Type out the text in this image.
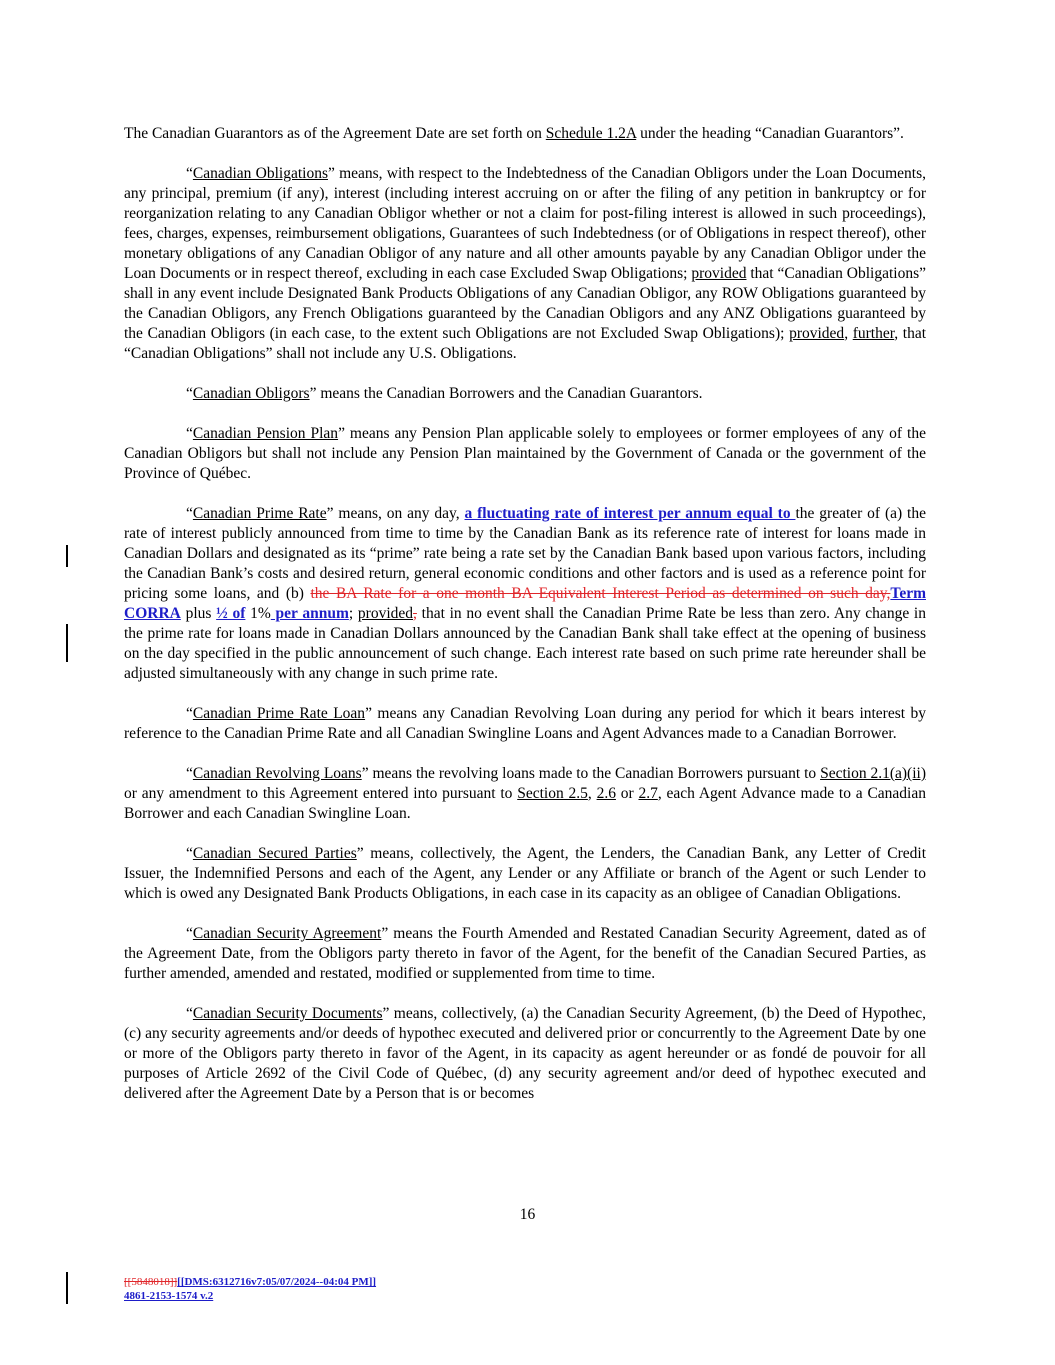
The Canadian Guarantors as of the Agreement Date are set forth on Schedule 1.2A under the heading “Canadian Guarantors”.

“Canadian Obligations” means, with respect to the Indebtedness of the Canadian Obligors under the Loan Documents, any principal, premium (if any), interest (including interest accruing on or after the filing of any petition in bankruptcy or for reorganization relating to any Canadian Obligor whether or not a claim for post-filing interest is allowed in such proceedings), fees, charges, expenses, reimbursement obligations, Guarantees of such Indebtedness (or of Obligations in respect thereof), other monetary obligations of any Canadian Obligor of any nature and all other amounts payable by any Canadian Obligor under the Loan Documents or in respect thereof, excluding in each case Excluded Swap Obligations; provided that “Canadian Obligations” shall in any event include Designated Bank Products Obligations of any Canadian Obligor, any ROW Obligations guaranteed by the Canadian Obligors, any French Obligations guaranteed by the Canadian Obligors and any ANZ Obligations guaranteed by the Canadian Obligors (in each case, to the extent such Obligations are not Excluded Swap Obligations); provided, further, that “Canadian Obligations” shall not include any U.S. Obligations.

“Canadian Obligors” means the Canadian Borrowers and the Canadian Guarantors.

“Canadian Pension Plan” means any Pension Plan applicable solely to employees or former employees of any of the Canadian Obligors but shall not include any Pension Plan maintained by the Government of Canada or the government of the Province of Québec.

“Canadian Prime Rate” means, on any day, a fluctuating rate of interest per annum equal to the greater of (a) the rate of interest publicly announced from time to time by the Canadian Bank as its reference rate of interest for loans made in Canadian Dollars and designated as its “prime” rate being a rate set by the Canadian Bank based upon various factors, including the Canadian Bank’s costs and desired return, general economic conditions and other factors and is used as a reference point for pricing some loans, and (b) the BA Rate for a one month BA Equivalent Interest Period as determined on such day,Term CORRA plus ½ of 1% per annum; provided, that in no event shall the Canadian Prime Rate be less than zero. Any change in the prime rate for loans made in Canadian Dollars announced by the Canadian Bank shall take effect at the opening of business on the day specified in the public announcement of such change. Each interest rate based on such prime rate hereunder shall be adjusted simultaneously with any change in such prime rate.

“Canadian Prime Rate Loan” means any Canadian Revolving Loan during any period for which it bears interest by reference to the Canadian Prime Rate and all Canadian Swingline Loans and Agent Advances made to a Canadian Borrower.

“Canadian Revolving Loans” means the revolving loans made to the Canadian Borrowers pursuant to Section 2.1(a)(ii) or any amendment to this Agreement entered into pursuant to Section 2.5, 2.6 or 2.7, each Agent Advance made to a Canadian Borrower and each Canadian Swingline Loan.

“Canadian Secured Parties” means, collectively, the Agent, the Lenders, the Canadian Bank, any Letter of Credit Issuer, the Indemnified Persons and each of the Agent, any Lender or any Affiliate or branch of the Agent or such Lender to which is owed any Designated Bank Products Obligations, in each case in its capacity as an obligee of Canadian Obligations.

“Canadian Security Agreement” means the Fourth Amended and Restated Canadian Security Agreement, dated as of the Agreement Date, from the Obligors party thereto in favor of the Agent, for the benefit of the Canadian Secured Parties, as further amended, amended and restated, modified or supplemented from time to time.

“Canadian Security Documents” means, collectively, (a) the Canadian Security Agreement, (b) the Deed of Hypothec, (c) any security agreements and/or deeds of hypothec executed and delivered prior or concurrently to the Agreement Date by one or more of the Obligors party thereto in favor of the Agent, in its capacity as agent hereunder or as fondé de pouvoir for all purposes of Article 2692 of the Civil Code of Québec, (d) any security agreement and/or deed of hypothec executed and delivered after the Agreement Date by a Person that is or becomes

16
[[5848018]][[DMS:6312716v7:05/07/2024--04:04 PM]]
4861-2153-1574 v.2
